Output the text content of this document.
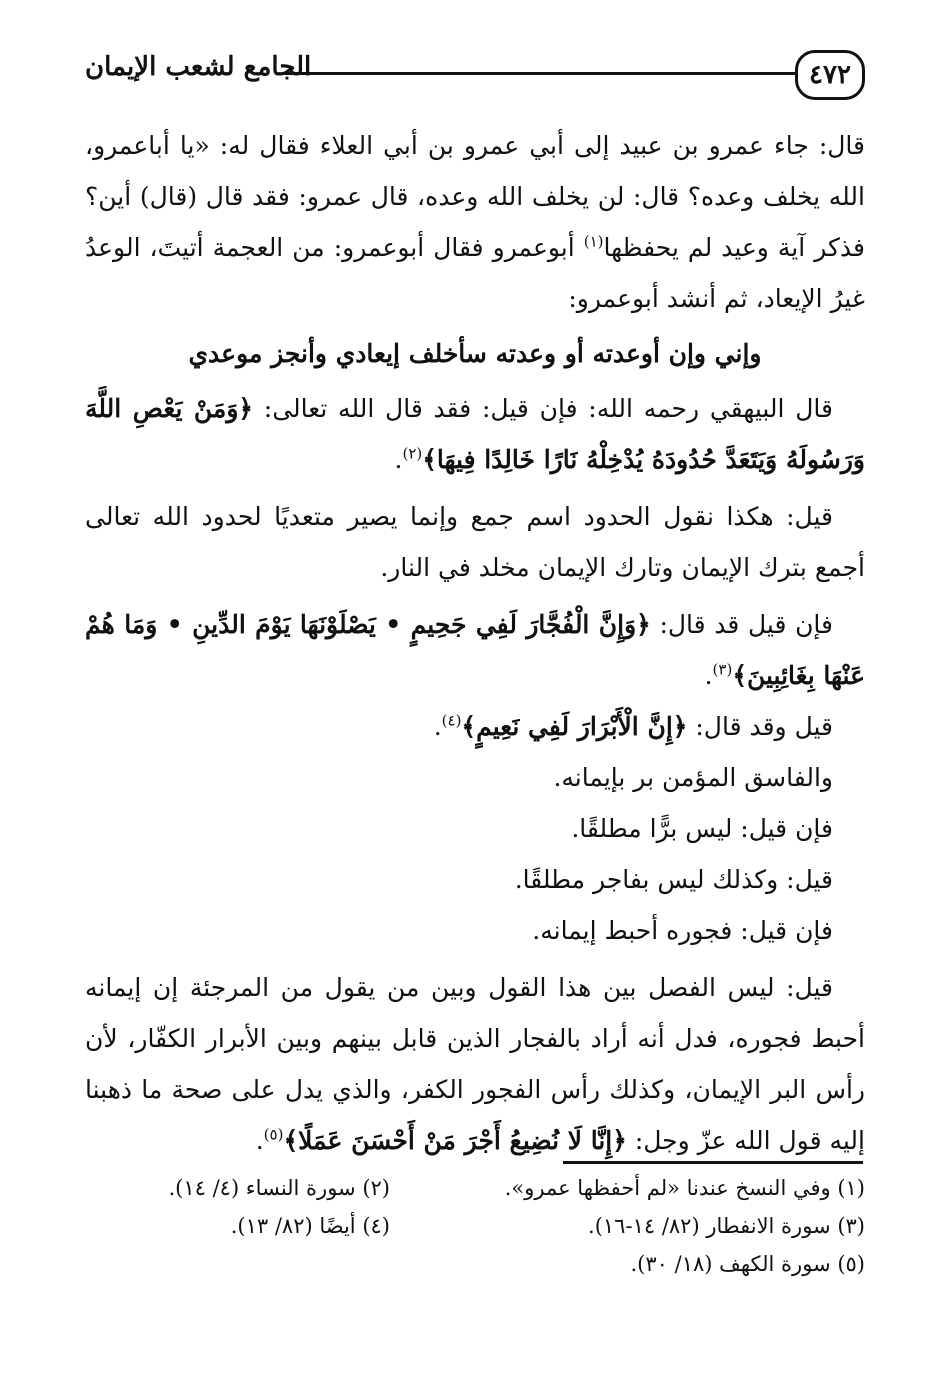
الجامع لشعب الإيمان	٤٧٢

قال: جاء عمرو بن عبيد إلى أبي عمرو بن أبي العلاء فقال له: «يا أباعمرو، الله يخلف وعده؟ قال: لن يخلف الله وعده، قال عمرو: فقد قال (قال) أين؟ فذكر آية وعيد لم يحفظها$^{(١)}$ أبوعمرو فقال أبوعمرو: من العجمة أتيتَ، الوعدُ غيرُ الإيعاد، ثم أنشد أبوعمرو:

وإني وإن أوعدته أو وعدته سأخلف إيعادي وأنجز موعدي

قال البيهقي رحمه الله: فإن قيل: فقد قال الله تعالى: ﴿وَمَنْ يَعْصِ اللَّهَ وَرَسُولَهُ وَيَتَعَدَّ حُدُودَهُ يُدْخِلْهُ نَارًا خَالِدًا فِيهَا﴾$^{(٢)}$.

قيل: هكذا نقول الحدود اسم جمع وإنما يصير متعديًا لحدود الله تعالى أجمع بترك الإيمان وتارك الإيمان مخلد في النار.

فإن قيل قد قال: ﴿وَإِنَّ الْفُجَّارَ لَفِي جَحِيمٍ • يَصْلَوْنَهَا يَوْمَ الدِّينِ • وَمَا هُمْ عَنْهَا بِغَائِبِينَ﴾$^{(٣)}$.

قيل وقد قال: ﴿إِنَّ الْأَبْرَارَ لَفِي نَعِيمٍ﴾$^{(٤)}$.

والفاسق المؤمن بر بإيمانه.

فإن قيل: ليس برًّا مطلقًا.

قيل: وكذلك ليس بفاجر مطلقًا.

فإن قيل: فجوره أحبط إيمانه.

قيل: ليس الفصل بين هذا القول وبين من يقول من المرجئة إن إيمانه أحبط فجوره، فدل أنه أراد بالفجار الذين قابل بينهم وبين الأبرار الكفّار، لأن رأس البر الإيمان، وكذلك رأس الفجور الكفر، والذي يدل على صحة ما ذهبنا إليه قول الله عزّ وجل: ﴿إِنَّا لَا نُضِيعُ أَجْرَ مَنْ أَحْسَنَ عَمَلًا﴾$^{(٥)}$.

(١) وفي النسخ عندنا «لم أحفظها عمرو».
(٢) سورة النساء (٤/ ١٤).
(٣) سورة الانفطار (٨٢/ ١٤-١٦).
(٤) أيضًا (٨٢/ ١٣).
(٥) سورة الكهف (١٨/ ٣٠).
